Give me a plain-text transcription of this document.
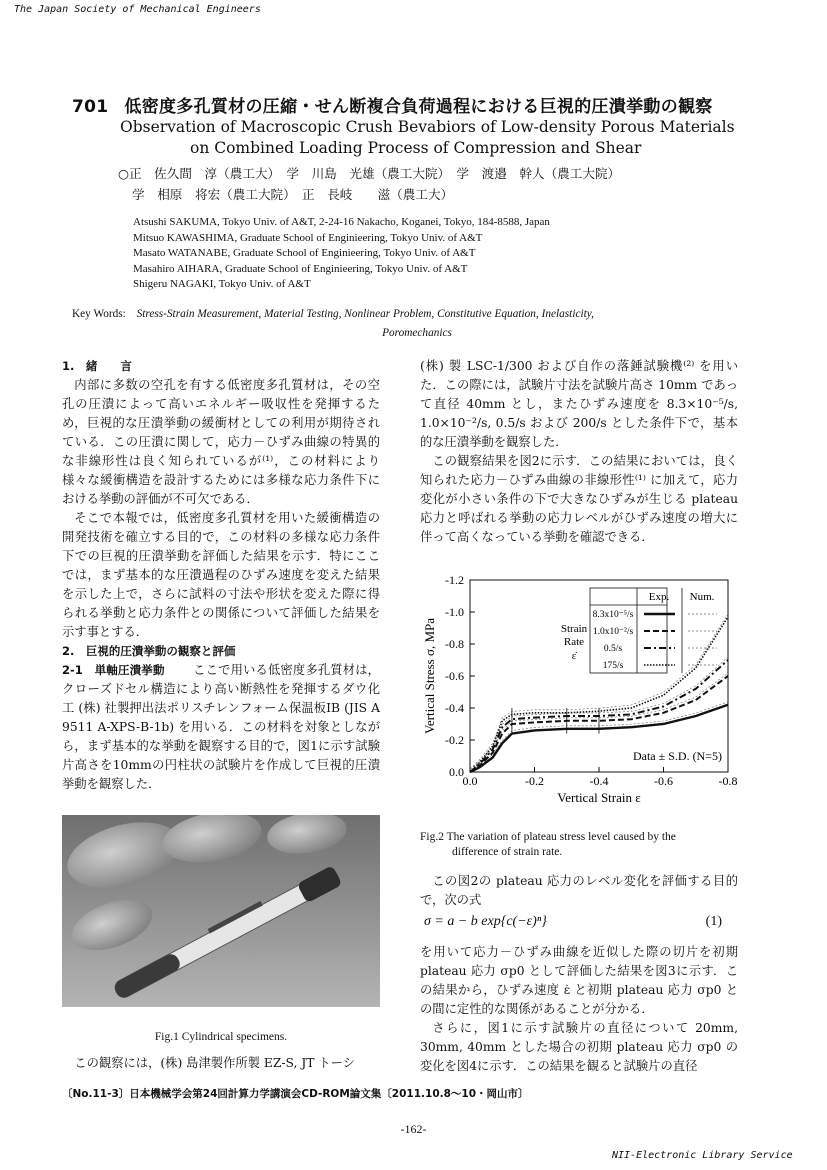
The Japan Society of Mechanical Engineers
701 低密度多孔質材の圧縮・せん断複合負荷過程における巨視的圧潰挙動の観察
Observation of Macroscopic Crush Bevabiors of Low-density Porous Materials
on Combined Loading Process of Compression and Shear
○正　佐久間　淳（農工大）　学　川島　光雄（農工大院）　学　渡邉　幹人（農工大院）
学　相原　将宏（農工大院）　正　長岐　　滋（農工大）
Atsushi SAKUMA, Tokyo Univ. of A&T, 2-24-16 Nakacho, Koganei, Tokyo, 184-8588, Japan
Mitsuo KAWASHIMA, Graduate School of Enginieering, Tokyo Univ. of A&T
Masato WATANABE, Graduate School of Enginieering, Tokyo Univ. of A&T
Masahiro AIHARA, Graduate School of Enginieering, Tokyo Univ. of A&T
Shigeru NAGAKI, Tokyo Univ. of A&T
Key Words: Stress-Strain Measurement, Material Testing, Nonlinear Problem, Constitutive Equation, Inelasticity,
Poromechanics

1.　緒　　言

内部に多数の空孔を有する低密度多孔質材は，その空孔の圧潰によって高いエネルギー吸収性を発揮するため，巨視的な圧潰挙動の緩衝材としての利用が期待されている．この圧潰に関して，応力－ひずみ曲線の特異的な非線形性は良く知られているが⁽¹⁾，この材料により様々な緩衝構造を設計するためには多様な応力条件下における挙動の評価が不可欠である．

そこで本報では，低密度多孔質材を用いた緩衝構造の開発技術を確立する目的で，この材料の多様な応力条件下での巨視的圧潰挙動を評価した結果を示す．特にここでは，まず基本的な圧潰過程のひずみ速度を変えた結果を示した上で，さらに試料の寸法や形状を変えた際に得られる挙動と応力条件との関係について評価した結果を示す事とする．

2.　巨視的圧潰挙動の観察と評価

2-1　単軸圧潰挙動 ここで用いる低密度多孔質材は，クローズドセル構造により高い断熱性を発揮するダウ化工 (株) 社製押出法ポリスチレンフォーム保温板IB (JIS A 9511 A-XPS-B-1b) を用いる．この材料を対象としながら，まず基本的な挙動を観察する目的で，図1に示す試験片高さを10mmの円柱状の試験片を作成して巨視的圧潰挙動を観察した．

Fig.1 Cylindrical specimens.

この観察には，(株) 島津製作所製 EZ-S, JT トーシ

(株) 製 LSC-1/300 および自作の落錘試験機⁽²⁾ を用いた．この際には，試験片寸法を試験片高さ 10mm であって直径 40mm とし，またひずみ速度を 8.3×10⁻⁵/s, 1.0×10⁻²/s, 0.5/s および 200/s とした条件下で，基本的な圧潰挙動を観察した．

この観察結果を図2に示す．この結果においては，良く知られた応力－ひずみ曲線の非線形性⁽¹⁾ に加えて，応力変化が小さい条件の下で大きなひずみが生じる plateau 応力と呼ばれる挙動の応力レベルがひずみ速度の増大に伴って高くなっている挙動を確認できる．

0.0	-0.2	-0.4	-0.6	-0.8
0.0
-0.2
-0.4
-0.6
-0.8
-1.0
-1.2
Vertical Strain ε
Vertical Stress σ, MPa
Exp. Num.
Strain
Rate
ε̇
8.3x10⁻⁵/s
1.0x10⁻²/s
0.5/s
175/s
Data ± S.D. (N=5)
Fig.2 The variation of plateau stress level caused by the
difference of strain rate.

この図2の plateau 応力のレベル変化を評価する目的で，次の式

σ = a − b exp{c(−ε)ⁿ}	(1)

を用いて応力－ひずみ曲線を近似した際の切片を初期 plateau 応力 σp0 として評価した結果を図3に示す．この結果から，ひずみ速度 ε̇ と初期 plateau 応力 σp0 との間に定性的な関係があることが分かる．

さらに，図1に示す試験片の直径について 20mm, 30mm, 40mm とした場合の初期 plateau 応力 σp0 の変化を図4に示す．この結果を観ると試験片の直径

〔No.11-3〕日本機械学会第24回計算力学講演会CD-ROM論文集〔2011.10.8～10・岡山市〕
-162-
NII-Electronic Library Service
